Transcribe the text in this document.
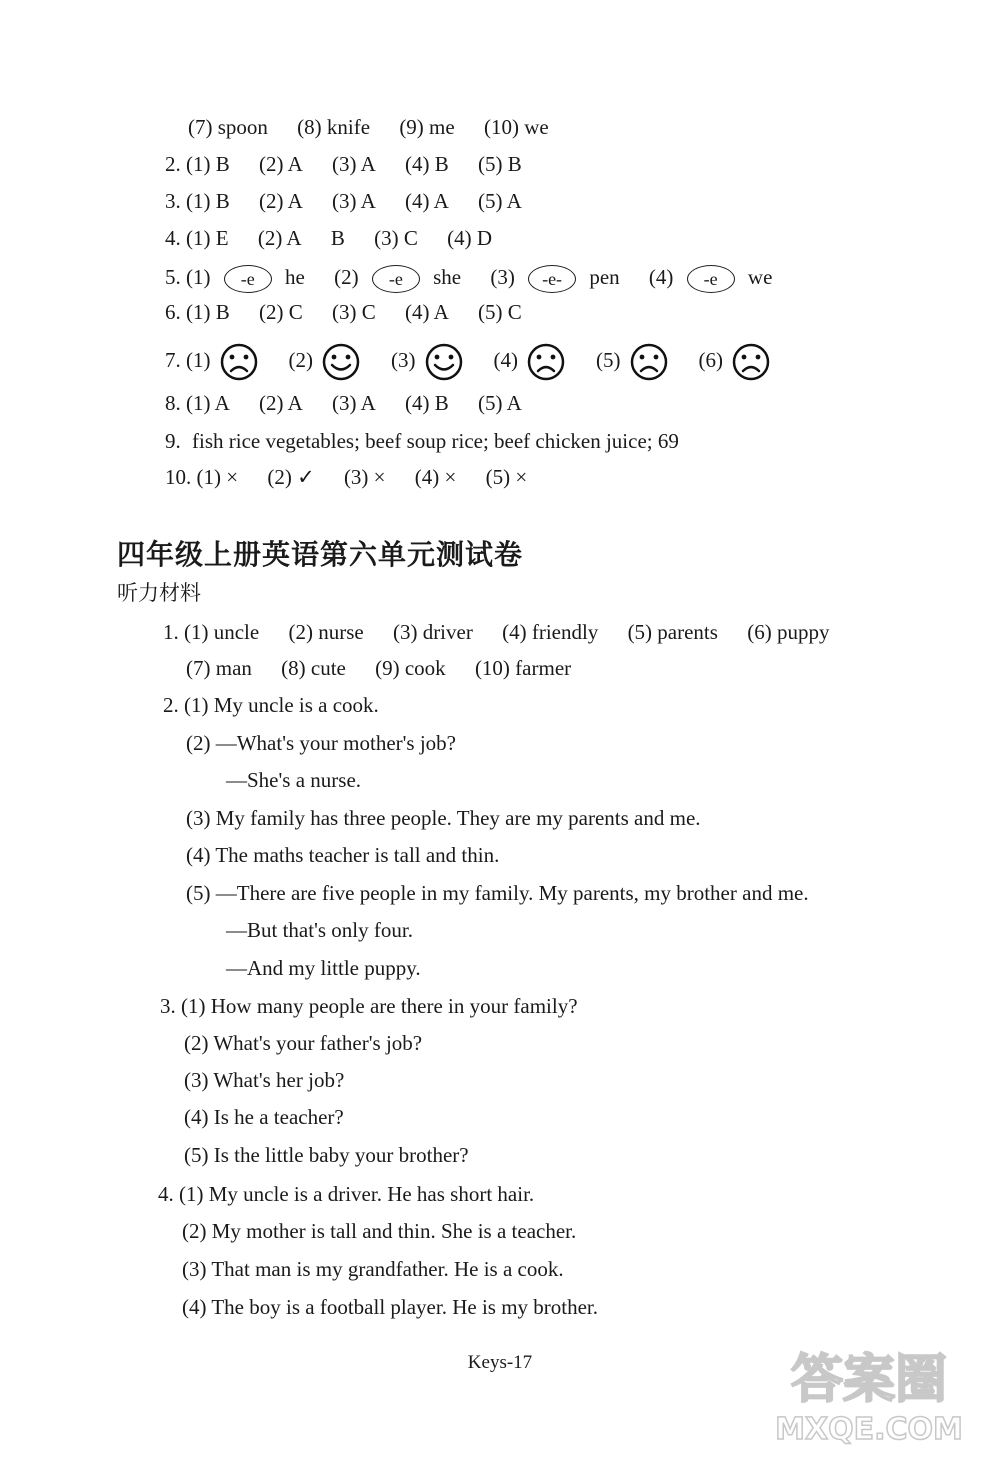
(7) spoon (8) knife (9) me (10) we
2. (1) B (2) A (3) A (4) B (5) B
3. (1) B (2) A (3) A (4) A (5) A
4. (1) E (2) A B (3) C (4) D
5. (1) -e he (2) -e she (3) -e- pen (4) -e we
6. (1) B (2) C (3) C (4) A (5) C
7. (1)	(2)	(3)	(4)	(5)	(6)
8. (1) A (2) A (3) A (4) B (5) A
9. fish rice vegetables; beef soup rice; beef chicken juice; 69
10. (1) × (2) ✓ (3) × (4) × (5) ×
四年级上册英语第六单元测试卷
听力材料
1. (1) uncle (2) nurse (3) driver (4) friendly (5) parents (6) puppy
(7) man (8) cute (9) cook (10) farmer
2. (1) My uncle is a cook.
(2) —What's your mother's job?
—She's a nurse.
(3) My family has three people. They are my parents and me.
(4) The maths teacher is tall and thin.
(5) —There are five people in my family. My parents, my brother and me.
—But that's only four.
—And my little puppy.
3. (1) How many people are there in your family?
(2) What's your father's job?
(3) What's her job?
(4) Is he a teacher?
(5) Is the little baby your brother?
4. (1) My uncle is a driver. He has short hair.
(2) My mother is tall and thin. She is a teacher.
(3) That man is my grandfather. He is a cook.
(4) The boy is a football player. He is my brother.
Keys-17	答案圈
MXQE.COM
